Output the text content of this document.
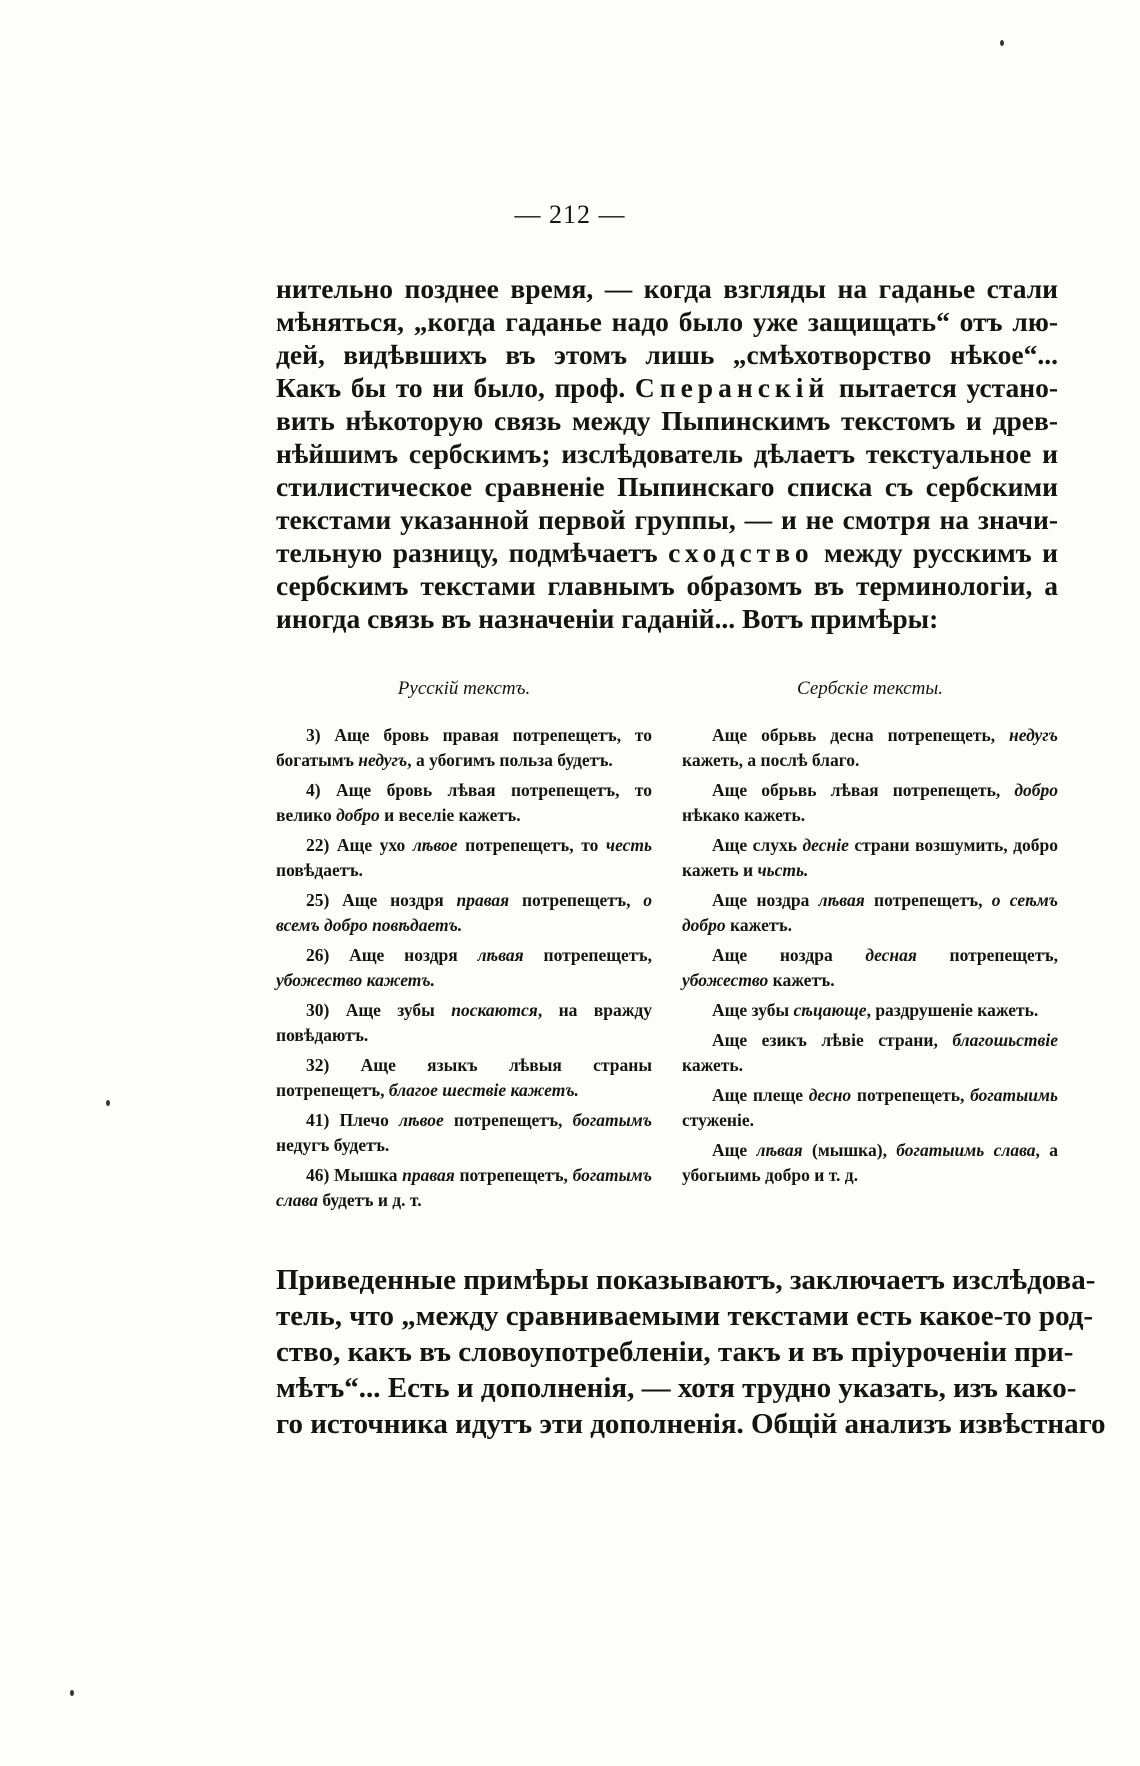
— 212 —
нительно позднее время, — когда взгляды на гаданье стали
мѣняться, „когда гаданье надо было уже защищать“ отъ лю-
дей, видѣвшихъ въ этомъ лишь „смѣхотворство нѣкое“...
Какъ бы то ни было, проф. Сперанскій пытается устано-
вить нѣкоторую связь между Пыпинскимъ текстомъ и древ-
нѣйшимъ сербскимъ; изслѣдователь дѣлаетъ текстуальное и
стилистическое сравненіе Пыпинскаго списка съ сербскими
текстами указанной первой группы, — и не смотря на значи-
тельную разницу, подмѣчаетъ сходство между русскимъ и
сербскимъ текстами главнымъ образомъ въ терминологіи, а
иногда связь въ назначеніи гаданій... Вотъ примѣры:
Русскій текстъ.
3) Аще бровь правая потрепещетъ, то богатымъ недугъ, а убогимъ польза будетъ.
4) Аще бровь лѣвая потрепещетъ, то велико добро и веселіе кажетъ.
22) Аще ухо лѣвое потрепещетъ, то честь повѣдаетъ.
25) Аще ноздря правая потрепещетъ, о всемъ добро повѣдаетъ.
26) Аще ноздря лѣвая потрепещетъ, убожество кажетъ.
30) Аще зубы поскаются, на вражду повѣдаютъ.
32) Аще языкъ лѣвыя страны потрепещетъ, благое шествіе кажетъ.
41) Плечо лѣвое потрепещетъ, богатымъ недугъ будетъ.
46) Мышка правая потрепещетъ, богатымъ слава будетъ и д. т.
Сербскіе тексты.
Аще обрьвь десна потрепещеть, недугъ кажеть, а послѣ благо.
Аще обрьвь лѣвая потрепещеть, добро нѣкако кажеть.
Аще слухь десніе страни возшумить, добро кажеть и чьсть.
Аще ноздра лѣвая потрепещетъ, о сеѣмъ добро кажетъ.
Аще ноздра десная потрепещетъ, убожество кажетъ.
Аще зубы сѣцающе, раздрушеніе кажеть.
Аще езикъ лѣвіе страни, благошьствіе кажеть.
Аще плеще десно потрепещеть, богатыимь стуженіе.
Аще лѣвая (мышка), богатыимь слава, а убогыимь добро и т. д.
Приведенные примѣры показываютъ, заключаетъ изслѣдова-
тель, что „между сравниваемыми текстами есть какое-то род-
ство, какъ въ словоупотребленіи, такъ и въ пріуроченіи при-
мѣтъ“... Есть и дополненія, — хотя трудно указать, изъ како-
го источника идутъ эти дополненія. Общій анализъ извѣстнаго
